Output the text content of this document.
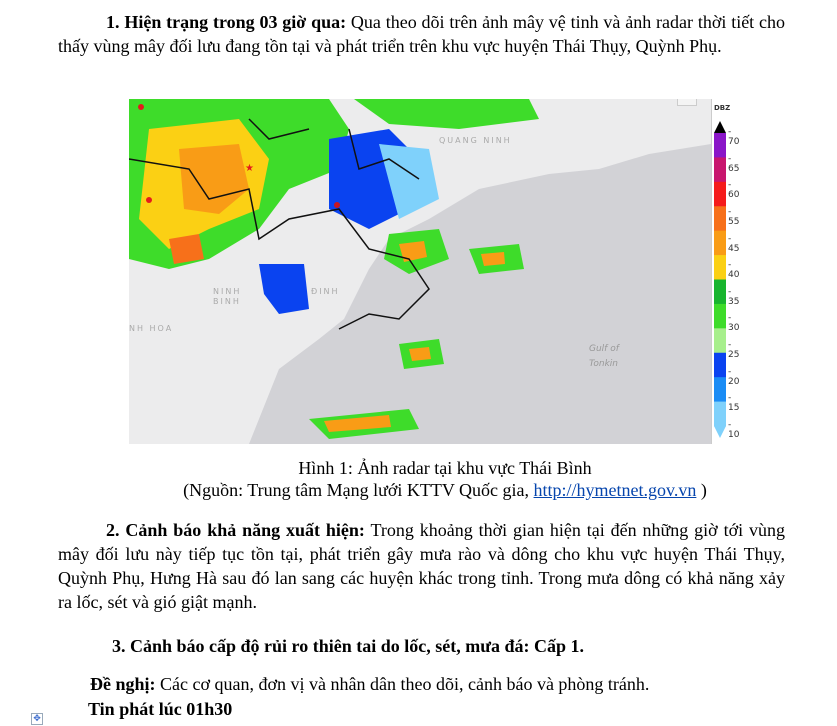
1. Hiện trạng trong 03 giờ qua: Qua theo dõi trên ảnh mây vệ tinh và ảnh radar thời tiết cho thấy vùng mây đối lưu đang tồn tại và phát triển trên khu vực huyện Thái Thụy, Quỳnh Phụ.

★
QUANG NINH
NINH
BINH
ĐINH
NH HOA
Gulf of
Tonkin
DBZ
- 70
- 65
- 60
- 55
- 45
- 40
- 35
- 30
- 25
- 20
- 15
- 10
Hình 1: Ảnh radar tại khu vực Thái Bình
(Nguồn: Trung tâm Mạng lưới KTTV Quốc gia, http://hymetnet.gov.vn )

2. Cảnh báo khả năng xuất hiện: Trong khoảng thời gian hiện tại đến những giờ tới vùng mây đối lưu này tiếp tục tồn tại, phát triển gây mưa rào và dông cho khu vực huyện Thái Thụy, Quỳnh Phụ, Hưng Hà sau đó lan sang các huyện khác trong tỉnh. Trong mưa dông có khả năng xảy ra lốc, sét và gió giật mạnh.

3. Cảnh báo cấp độ rủi ro thiên tai do lốc, sét, mưa đá: Cấp 1.
Đề nghị: Các cơ quan, đơn vị và nhân dân theo dõi, cảnh báo và phòng tránh.
Tin phát lúc 01h30
✥
